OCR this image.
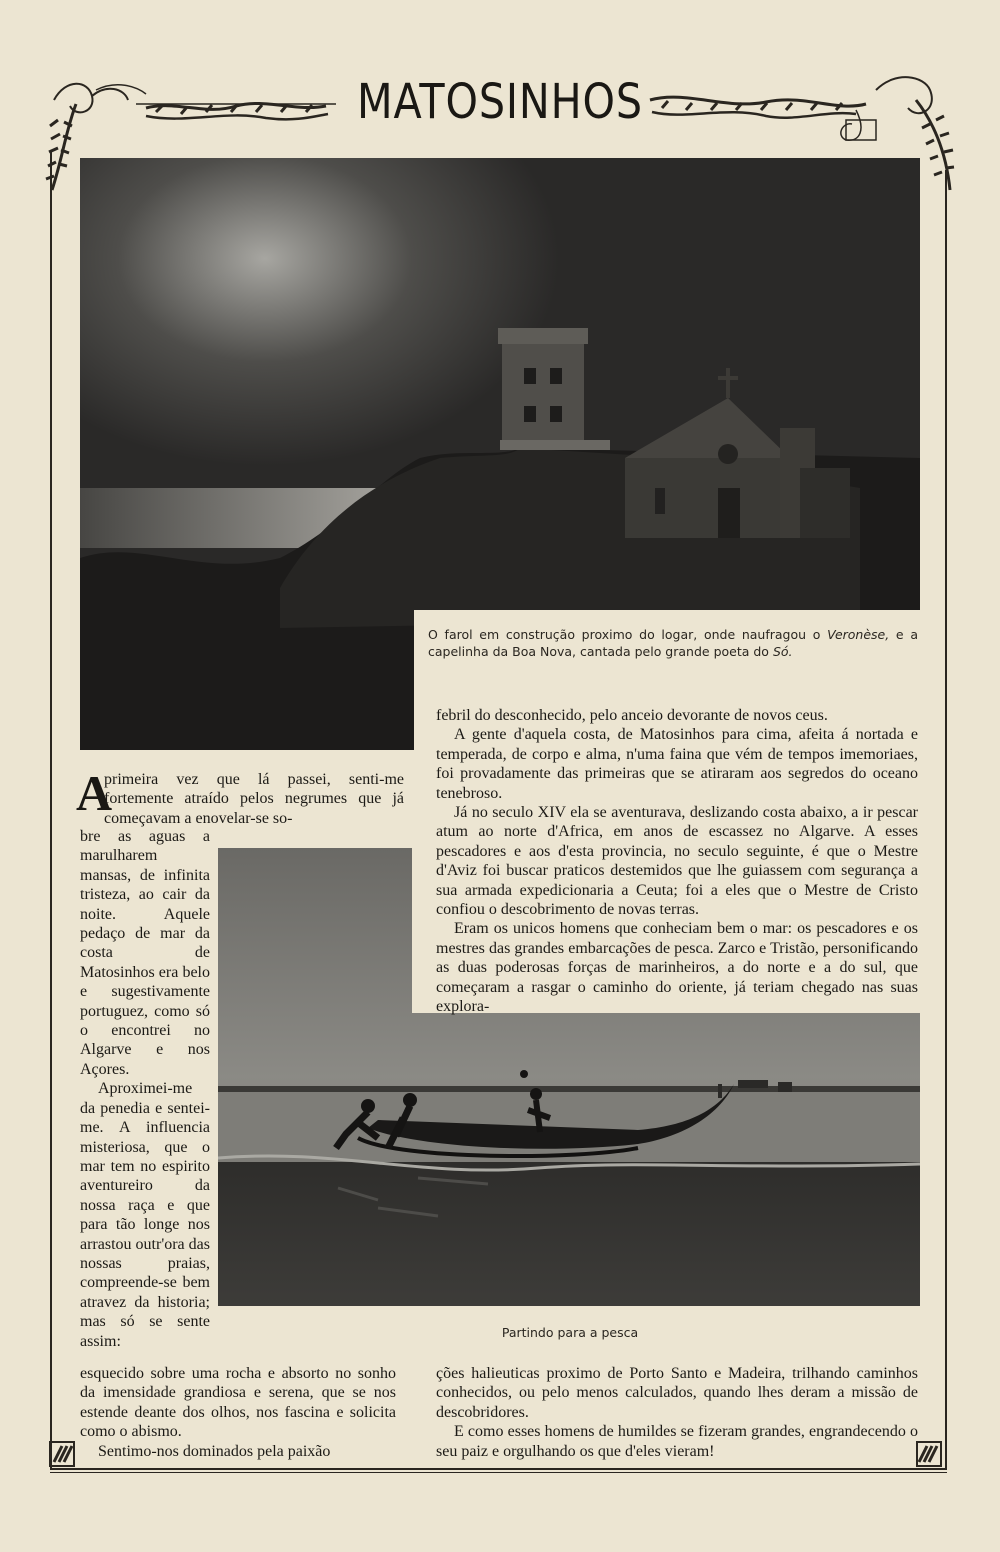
MATOSINHOS
O farol em construção proximo do logar, onde naufragou o Veronèse, e a capelinha da Boa Nova, cantada pelo grande poeta do Só.
Partindo para a pesca
A

primeira vez que lá passei, senti-me fortemente atraído pelos negrumes que já começavam a enovelar-se so-

bre as aguas a marulharem mansas, de infinita tristeza, ao cair da noite. Aquele pedaço de mar da costa de Matosinhos era belo e sugestivamente portuguez, como só o encontrei no Algarve e nos Açores.

Aproximei-me da penedia e sentei-me. A influencia misteriosa, que o mar tem no espirito aventureiro da nossa raça e que para tão longe nos arrastou outr'ora das nossas praias, compreende-se bem atravez da historia; mas só se sente assim:

esquecido sobre uma rocha e absorto no sonho da imensidade grandiosa e serena, que se nos estende deante dos olhos, nos fascina e solicita como o abismo.

Sentimo-nos dominados pela paixão

febril do desconhecido, pelo anceio devorante de novos ceus.

A gente d'aquela costa, de Matosinhos para cima, afeita á nortada e temperada, de corpo e alma, n'uma faina que vém de tempos imemoriaes, foi provadamente das primeiras que se atiraram aos segredos do oceano tenebroso.

Já no seculo XIV ela se aventurava, deslizando costa abaixo, a ir pescar atum ao norte d'Africa, em anos de escassez no Algarve. A esses pescadores e aos d'esta provincia, no seculo seguinte, é que o Mestre d'Aviz foi buscar praticos destemidos que lhe guiassem com segurança a sua armada expedicionaria a Ceuta; foi a eles que o Mestre de Cristo confiou o descobrimento de novas terras.

Eram os unicos homens que conheciam bem o mar: os pescadores e os mestres das grandes embarcações de pesca. Zarco e Tristão, personificando as duas poderosas forças de marinheiros, a do norte e a do sul, que começaram a rasgar o caminho do oriente, já teriam chegado nas suas explora-

ções halieuticas proximo de Porto Santo e Madeira, trilhando caminhos conhecidos, ou pelo menos calculados, quando lhes deram a missão de descobridores.

E como esses homens de humildes se fizeram grandes, engrandecendo o seu paiz e orgulhando os que d'eles vieram!
